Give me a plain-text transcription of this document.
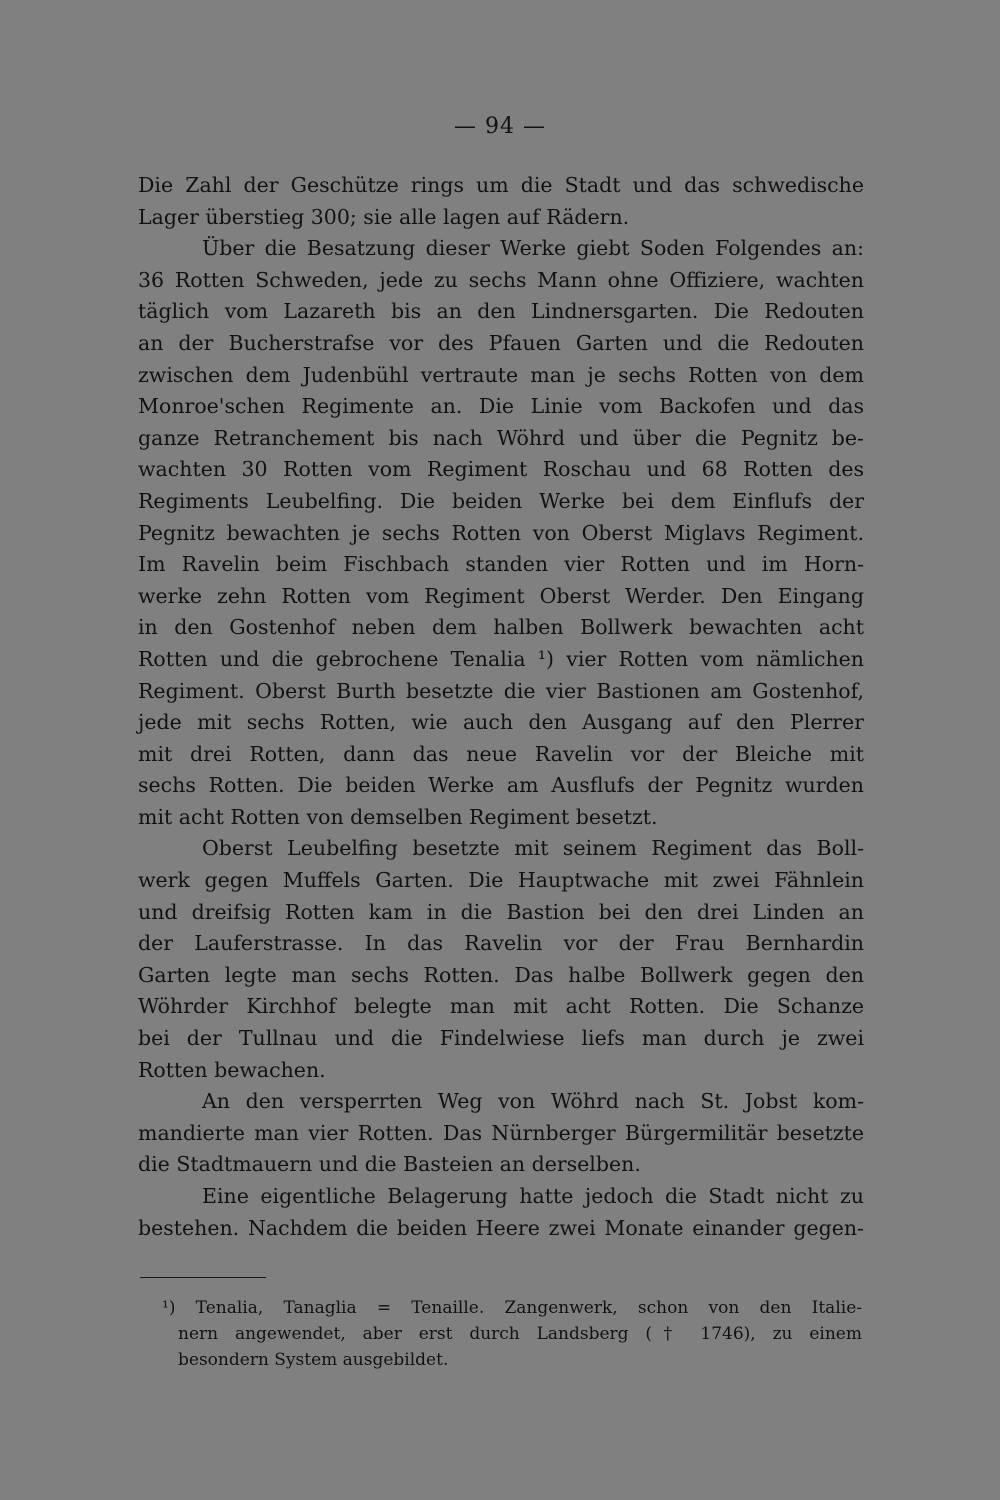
— 94 —
Die Zahl der Geschütze rings um die Stadt und das schwedische
Lager überstieg 300; sie alle lagen auf Rädern.
Über die Besatzung dieser Werke giebt Soden Folgendes an:
36 Rotten Schweden, jede zu sechs Mann ohne Offiziere, wachten
täglich vom Lazareth bis an den Lindnersgarten. Die Redouten
an der Bucherstrafse vor des Pfauen Garten und die Redouten
zwischen dem Judenbühl vertraute man je sechs Rotten von dem
Monroe'schen Regimente an. Die Linie vom Backofen und das
ganze Retranchement bis nach Wöhrd und über die Pegnitz be-
wachten 30 Rotten vom Regiment Roschau und 68 Rotten des
Regiments Leubelfing. Die beiden Werke bei dem Einflufs der
Pegnitz bewachten je sechs Rotten von Oberst Miglavs Regiment.
Im Ravelin beim Fischbach standen vier Rotten und im Horn-
werke zehn Rotten vom Regiment Oberst Werder. Den Eingang
in den Gostenhof neben dem halben Bollwerk bewachten acht
Rotten und die gebrochene Tenalia ¹) vier Rotten vom nämlichen
Regiment. Oberst Burth besetzte die vier Bastionen am Gostenhof,
jede mit sechs Rotten, wie auch den Ausgang auf den Plerrer
mit drei Rotten, dann das neue Ravelin vor der Bleiche mit
sechs Rotten. Die beiden Werke am Ausflufs der Pegnitz wurden
mit acht Rotten von demselben Regiment besetzt.
Oberst Leubelfing besetzte mit seinem Regiment das Boll-
werk gegen Muffels Garten. Die Hauptwache mit zwei Fähnlein
und dreifsig Rotten kam in die Bastion bei den drei Linden an
der Lauferstrasse. In das Ravelin vor der Frau Bernhardin
Garten legte man sechs Rotten. Das halbe Bollwerk gegen den
Wöhrder Kirchhof belegte man mit acht Rotten. Die Schanze
bei der Tullnau und die Findelwiese liefs man durch je zwei
Rotten bewachen.
An den versperrten Weg von Wöhrd nach St. Jobst kom-
mandierte man vier Rotten. Das Nürnberger Bürgermilitär besetzte
die Stadtmauern und die Basteien an derselben.
Eine eigentliche Belagerung hatte jedoch die Stadt nicht zu
bestehen. Nachdem die beiden Heere zwei Monate einander gegen-
¹) Tenalia, Tanaglia = Tenaille. Zangenwerk, schon von den Italie-
nern angewendet, aber erst durch Landsberg († 1746), zu einem
besondern System ausgebildet.
